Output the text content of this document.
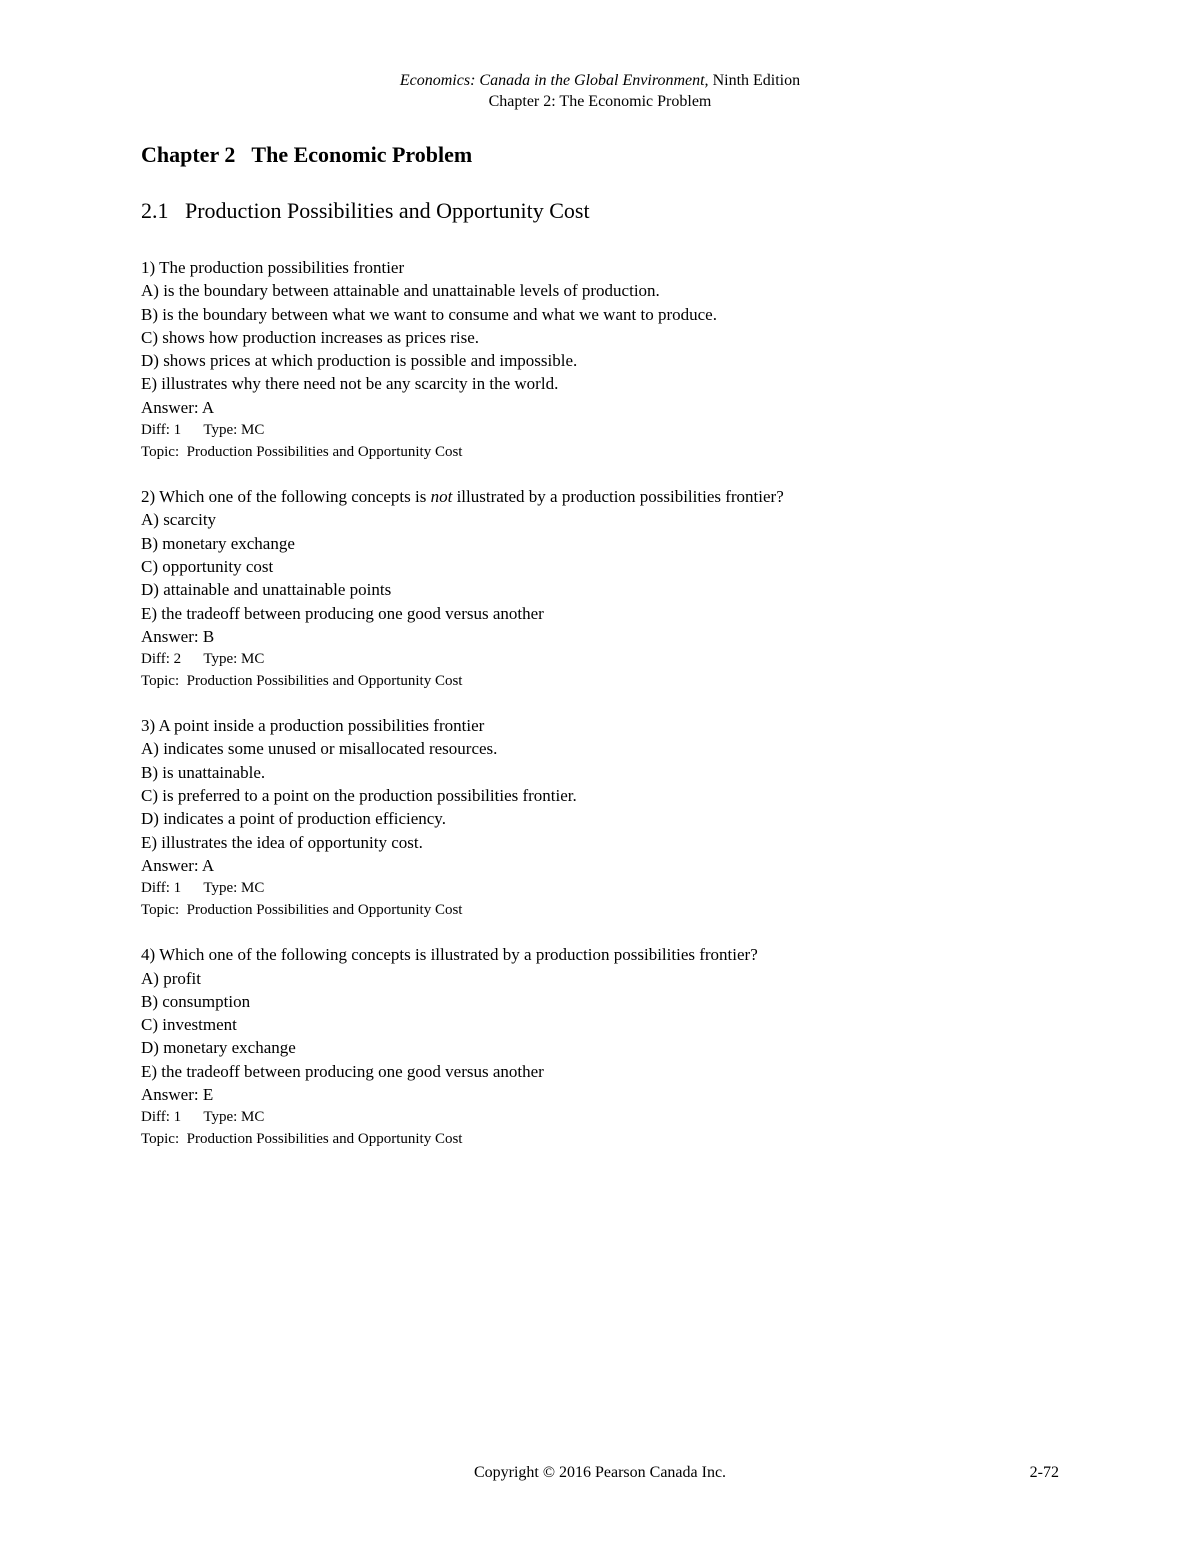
Economics: Canada in the Global Environment, Ninth Edition
Chapter 2: The Economic Problem
Chapter 2   The Economic Problem
2.1   Production Possibilities and Opportunity Cost
1) The production possibilities frontier
A) is the boundary between attainable and unattainable levels of production.
B) is the boundary between what we want to consume and what we want to produce.
C) shows how production increases as prices rise.
D) shows prices at which production is possible and impossible.
E) illustrates why there need not be any scarcity in the world.
Answer: A
Diff: 1      Type: MC
Topic:  Production Possibilities and Opportunity Cost
2) Which one of the following concepts is not illustrated by a production possibilities frontier?
A) scarcity
B) monetary exchange
C) opportunity cost
D) attainable and unattainable points
E) the tradeoff between producing one good versus another
Answer: B
Diff: 2      Type: MC
Topic:  Production Possibilities and Opportunity Cost
3) A point inside a production possibilities frontier
A) indicates some unused or misallocated resources.
B) is unattainable.
C) is preferred to a point on the production possibilities frontier.
D) indicates a point of production efficiency.
E) illustrates the idea of opportunity cost.
Answer: A
Diff: 1      Type: MC
Topic:  Production Possibilities and Opportunity Cost
4) Which one of the following concepts is illustrated by a production possibilities frontier?
A) profit
B) consumption
C) investment
D) monetary exchange
E) the tradeoff between producing one good versus another
Answer: E
Diff: 1      Type: MC
Topic:  Production Possibilities and Opportunity Cost
Copyright © 2016 Pearson Canada Inc.	2-72
